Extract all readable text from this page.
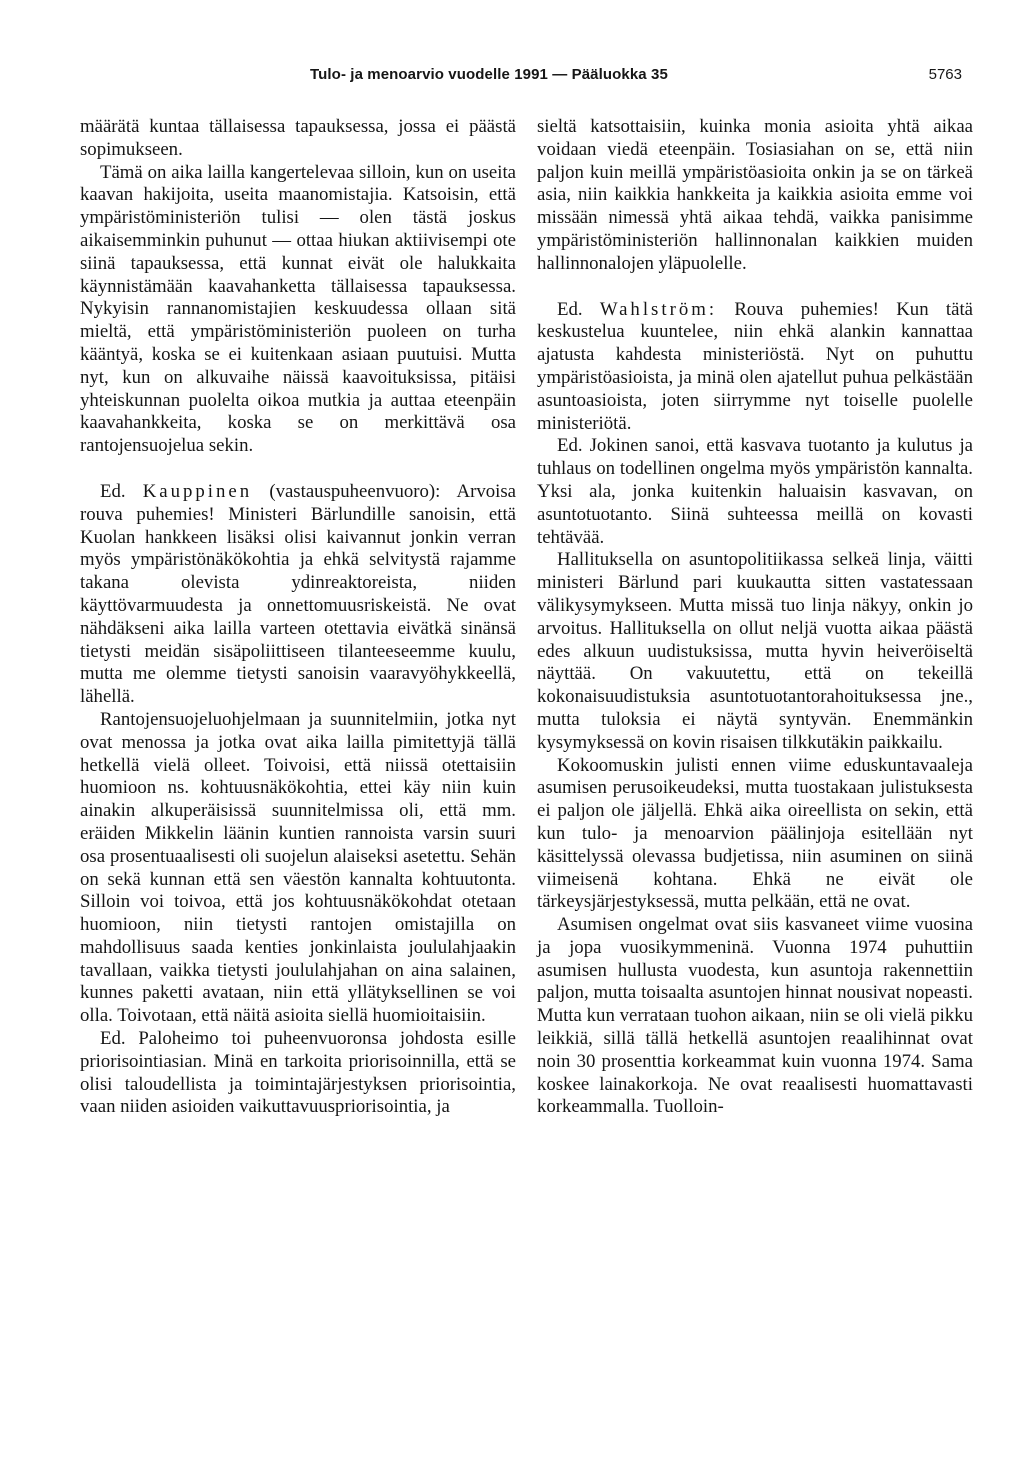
Tulo- ja menoarvio vuodelle 1991 — Pääluokka 35	5763

määrätä kuntaa tällaisessa tapauksessa, jossa ei päästä sopimukseen.

Tämä on aika lailla kangertelevaa silloin, kun on useita kaavan hakijoita, useita maanomistajia. Katsoisin, että ympäristöministeriön tulisi — olen tästä joskus aikaisemminkin puhunut — ottaa hiukan aktiivisempi ote siinä tapauksessa, että kunnat eivät ole halukkaita käynnistämään kaavahanketta tällaisessa tapauksessa. Nykyisin rannanomistajien keskuudessa ollaan sitä mieltä, että ympäristöministeriön puoleen on turha kääntyä, koska se ei kuitenkaan asiaan puutuisi. Mutta nyt, kun on alkuvaihe näissä kaavoituksissa, pitäisi yhteiskunnan puolelta oikoa mutkia ja auttaa eteenpäin kaavahankkeita, koska se on merkittävä osa rantojensuojelua sekin.

Ed. Kauppinen (vastauspuheenvuoro): Arvoisa rouva puhemies! Ministeri Bärlundille sanoisin, että Kuolan hankkeen lisäksi olisi kaivannut jonkin verran myös ympäristönäkökohtia ja ehkä selvitystä rajamme takana olevista ydinreaktoreista, niiden käyttövarmuudesta ja onnettomuusriskeistä. Ne ovat nähdäkseni aika lailla varteen otettavia eivätkä sinänsä tietysti meidän sisäpoliittiseen tilanteeseemme kuulu, mutta me olemme tietysti sanoisin vaaravyöhykkeellä, lähellä.

Rantojensuojeluohjelmaan ja suunnitelmiin, jotka nyt ovat menossa ja jotka ovat aika lailla pimitettyjä tällä hetkellä vielä olleet. Toivoisi, että niissä otettaisiin huomioon ns. kohtuusnäkökohtia, ettei käy niin kuin ainakin alkuperäisissä suunnitelmissa oli, että mm. eräiden Mikkelin läänin kuntien rannoista varsin suuri osa prosentuaalisesti oli suojelun alaiseksi asetettu. Sehän on sekä kunnan että sen väestön kannalta kohtuutonta. Silloin voi toivoa, että jos kohtuusnäkökohdat otetaan huomioon, niin tietysti rantojen omistajilla on mahdollisuus saada kenties jonkinlaista joululahjaakin tavallaan, vaikka tietysti joululahjahan on aina salainen, kunnes paketti avataan, niin että yllätyksellinen se voi olla. Toivotaan, että näitä asioita siellä huomioitaisiin.

Ed. Paloheimo toi puheenvuoronsa johdosta esille priorisointiasian. Minä en tarkoita priorisoinnilla, että se olisi taloudellista ja toimintajärjestyksen priorisointia, vaan niiden asioiden vaikuttavuuspriorisointia, ja

sieltä katsottaisiin, kuinka monia asioita yhtä aikaa voidaan viedä eteenpäin. Tosiasiahan on se, että niin paljon kuin meillä ympäristöasioita onkin ja se on tärkeä asia, niin kaikkia hankkeita ja kaikkia asioita emme voi missään nimessä yhtä aikaa tehdä, vaikka panisimme ympäristöministeriön hallinnonalan kaikkien muiden hallinnonalojen yläpuolelle.

Ed. Wahlström: Rouva puhemies! Kun tätä keskustelua kuuntelee, niin ehkä alankin kannattaa ajatusta kahdesta ministeriöstä. Nyt on puhuttu ympäristöasioista, ja minä olen ajatellut puhua pelkästään asuntoasioista, joten siirrymme nyt toiselle puolelle ministeriötä.

Ed. Jokinen sanoi, että kasvava tuotanto ja kulutus ja tuhlaus on todellinen ongelma myös ympäristön kannalta. Yksi ala, jonka kuitenkin haluaisin kasvavan, on asuntotuotanto. Siinä suhteessa meillä on kovasti tehtävää.

Hallituksella on asuntopolitiikassa selkeä linja, väitti ministeri Bärlund pari kuukautta sitten vastatessaan välikysymykseen. Mutta missä tuo linja näkyy, onkin jo arvoitus. Hallituksella on ollut neljä vuotta aikaa päästä edes alkuun uudistuksissa, mutta hyvin heiveröiseltä näyttää. On vakuutettu, että on tekeillä kokonaisuudistuksia asuntotuotantorahoituksessa jne., mutta tuloksia ei näytä syntyvän. Enemmänkin kysymyksessä on kovin risaisen tilkkutäkin paikkailu.

Kokoomuskin julisti ennen viime eduskuntavaaleja asumisen perusoikeudeksi, mutta tuostakaan julistuksesta ei paljon ole jäljellä. Ehkä aika oireellista on sekin, että kun tulo- ja menoarvion päälinjoja esitellään nyt käsittelyssä olevassa budjetissa, niin asuminen on siinä viimeisenä kohtana. Ehkä ne eivät ole tärkeysjärjestyksessä, mutta pelkään, että ne ovat.

Asumisen ongelmat ovat siis kasvaneet viime vuosina ja jopa vuosikymmeninä. Vuonna 1974 puhuttiin asumisen hullusta vuodesta, kun asuntoja rakennettiin paljon, mutta toisaalta asuntojen hinnat nousivat nopeasti. Mutta kun verrataan tuohon aikaan, niin se oli vielä pikku leikkiä, sillä tällä hetkellä asuntojen reaalihinnat ovat noin 30 prosenttia korkeammat kuin vuonna 1974. Sama koskee lainakorkoja. Ne ovat reaalisesti huomattavasti korkeammalla. Tuolloin-
